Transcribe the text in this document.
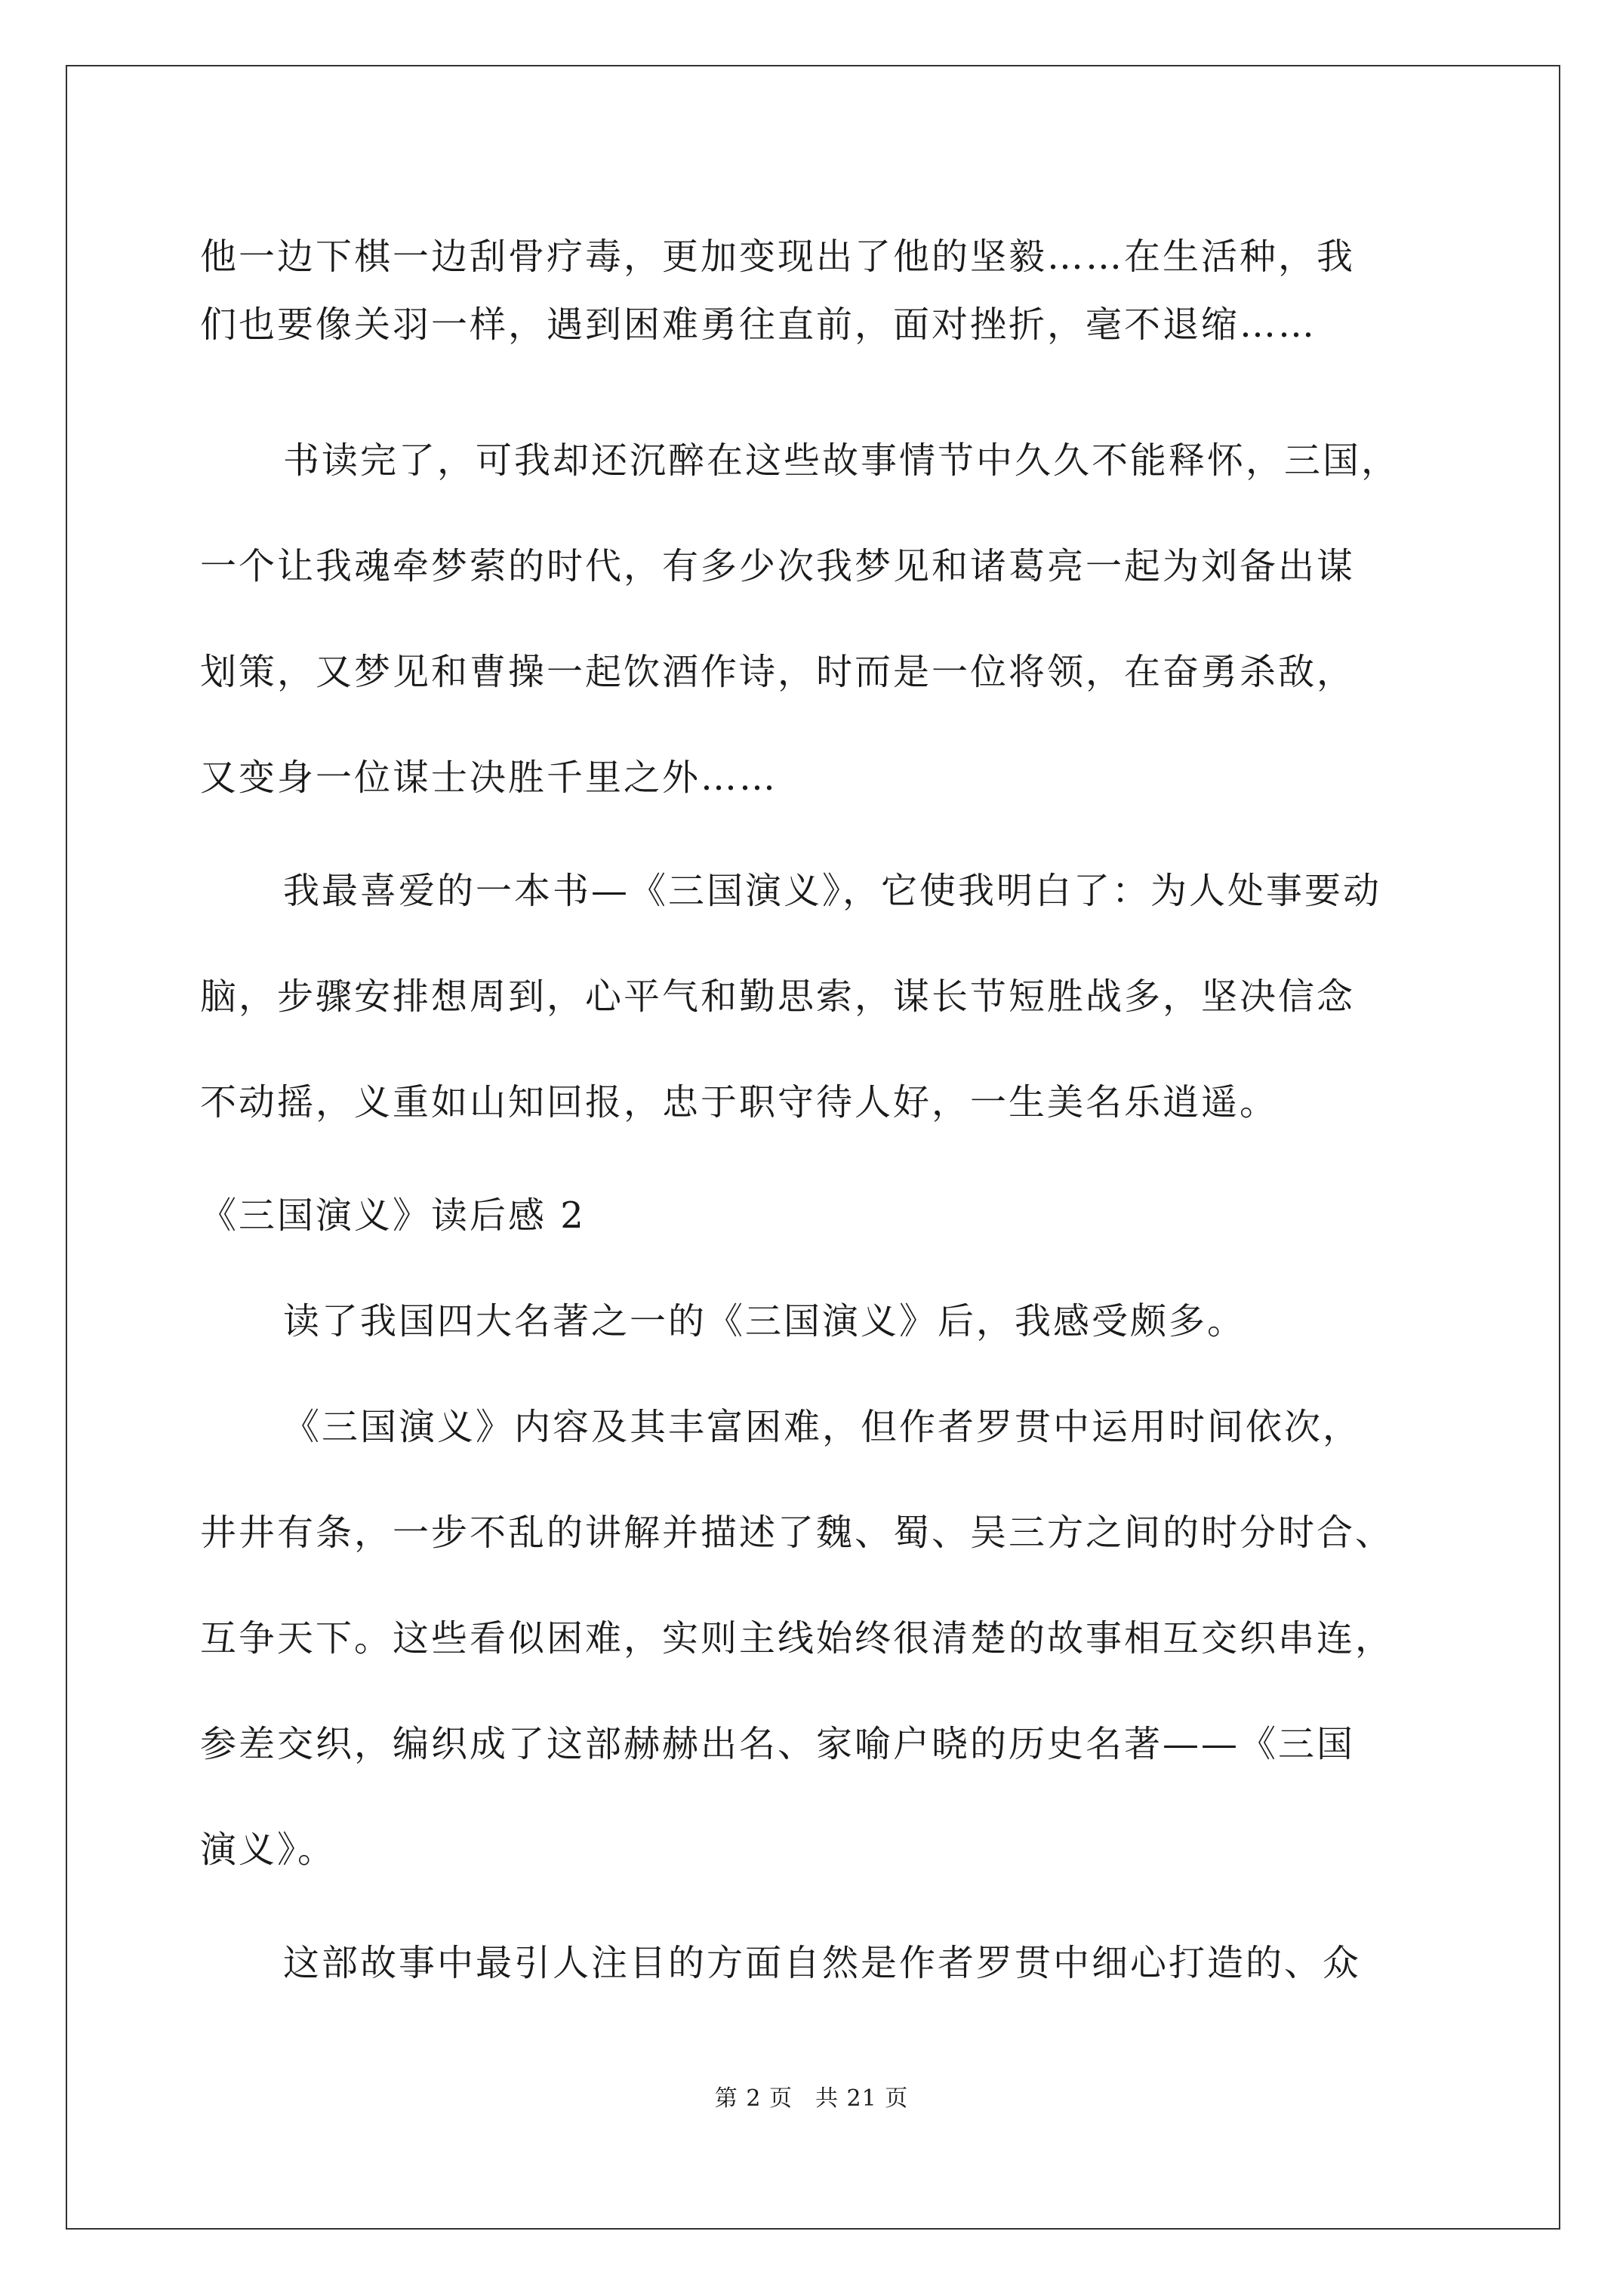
他一边下棋一边刮骨疗毒，更加变现出了他的坚毅……在生活种，我
们也要像关羽一样，遇到困难勇往直前，面对挫折，毫不退缩……
书读完了，可我却还沉醉在这些故事情节中久久不能释怀，三国，
一个让我魂牵梦萦的时代，有多少次我梦见和诸葛亮一起为刘备出谋
划策，又梦见和曹操一起饮酒作诗，时而是一位将领，在奋勇杀敌，
又变身一位谋士决胜千里之外……
我最喜爱的一本书—《三国演义》，它使我明白了：为人处事要动
脑，步骤安排想周到，心平气和勤思索，谋长节短胜战多，坚决信念
不动摇，义重如山知回报，忠于职守待人好，一生美名乐逍遥。
《三国演义》读后感 2
读了我国四大名著之一的《三国演义》后，我感受颇多。
《三国演义》内容及其丰富困难，但作者罗贯中运用时间依次，
井井有条，一步不乱的讲解并描述了魏、蜀、吴三方之间的时分时合、
互争天下。这些看似困难，实则主线始终很清楚的故事相互交织串连，
参差交织，编织成了这部赫赫出名、家喻户晓的历史名著——《三国
演义》。
这部故事中最引人注目的方面自然是作者罗贯中细心打造的、众
第 2 页 共 21 页
